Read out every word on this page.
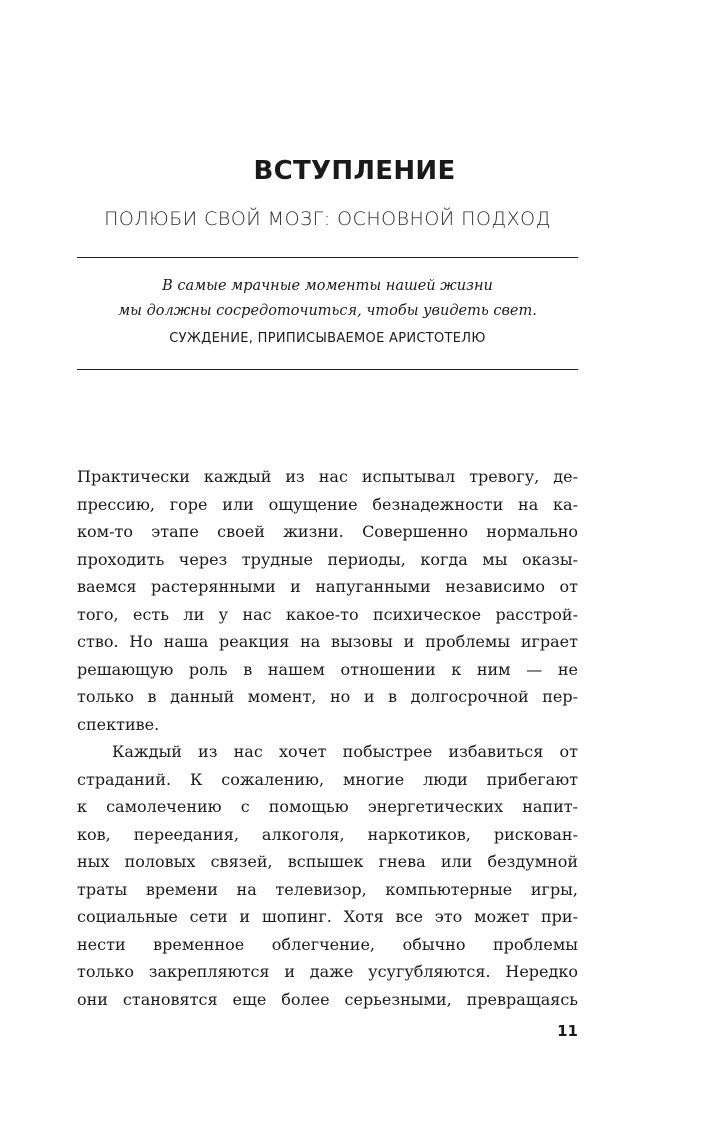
ВСТУПЛЕНИЕ
ПОЛЮБИ СВОЙ МОЗГ: ОСНОВНОЙ ПОДХОД
В самые мрачные моменты нашей жизни
мы должны сосредоточиться, чтобы увидеть свет.
СУЖДЕНИЕ, ПРИПИСЫВАЕМОЕ АРИСТОТЕЛЮ
Практически каждый из нас испытывал тревогу, де-
прессию, горе или ощущение безнадежности на ка-
ком-то этапе своей жизни. Совершенно нормально
проходить через трудные периоды, когда мы оказы-
ваемся растерянными и напуганными независимо от
того, есть ли у нас какое-то психическое расстрой-
ство. Но наша реакция на вызовы и проблемы играет
решающую роль в нашем отношении к ним — не
только в данный момент, но и в долгосрочной пер-
спективе.
Каждый из нас хочет побыстрее избавиться от
страданий. К сожалению, многие люди прибегают
к самолечению с помощью энергетических напит-
ков, переедания, алкоголя, наркотиков, рискован-
ных половых связей, вспышек гнева или бездумной
траты времени на телевизор, компьютерные игры,
социальные сети и шопинг. Хотя все это может при-
нести временное облегчение, обычно проблемы
только закрепляются и даже усугубляются. Нередко
они становятся еще более серьезными, превращаясь
11
